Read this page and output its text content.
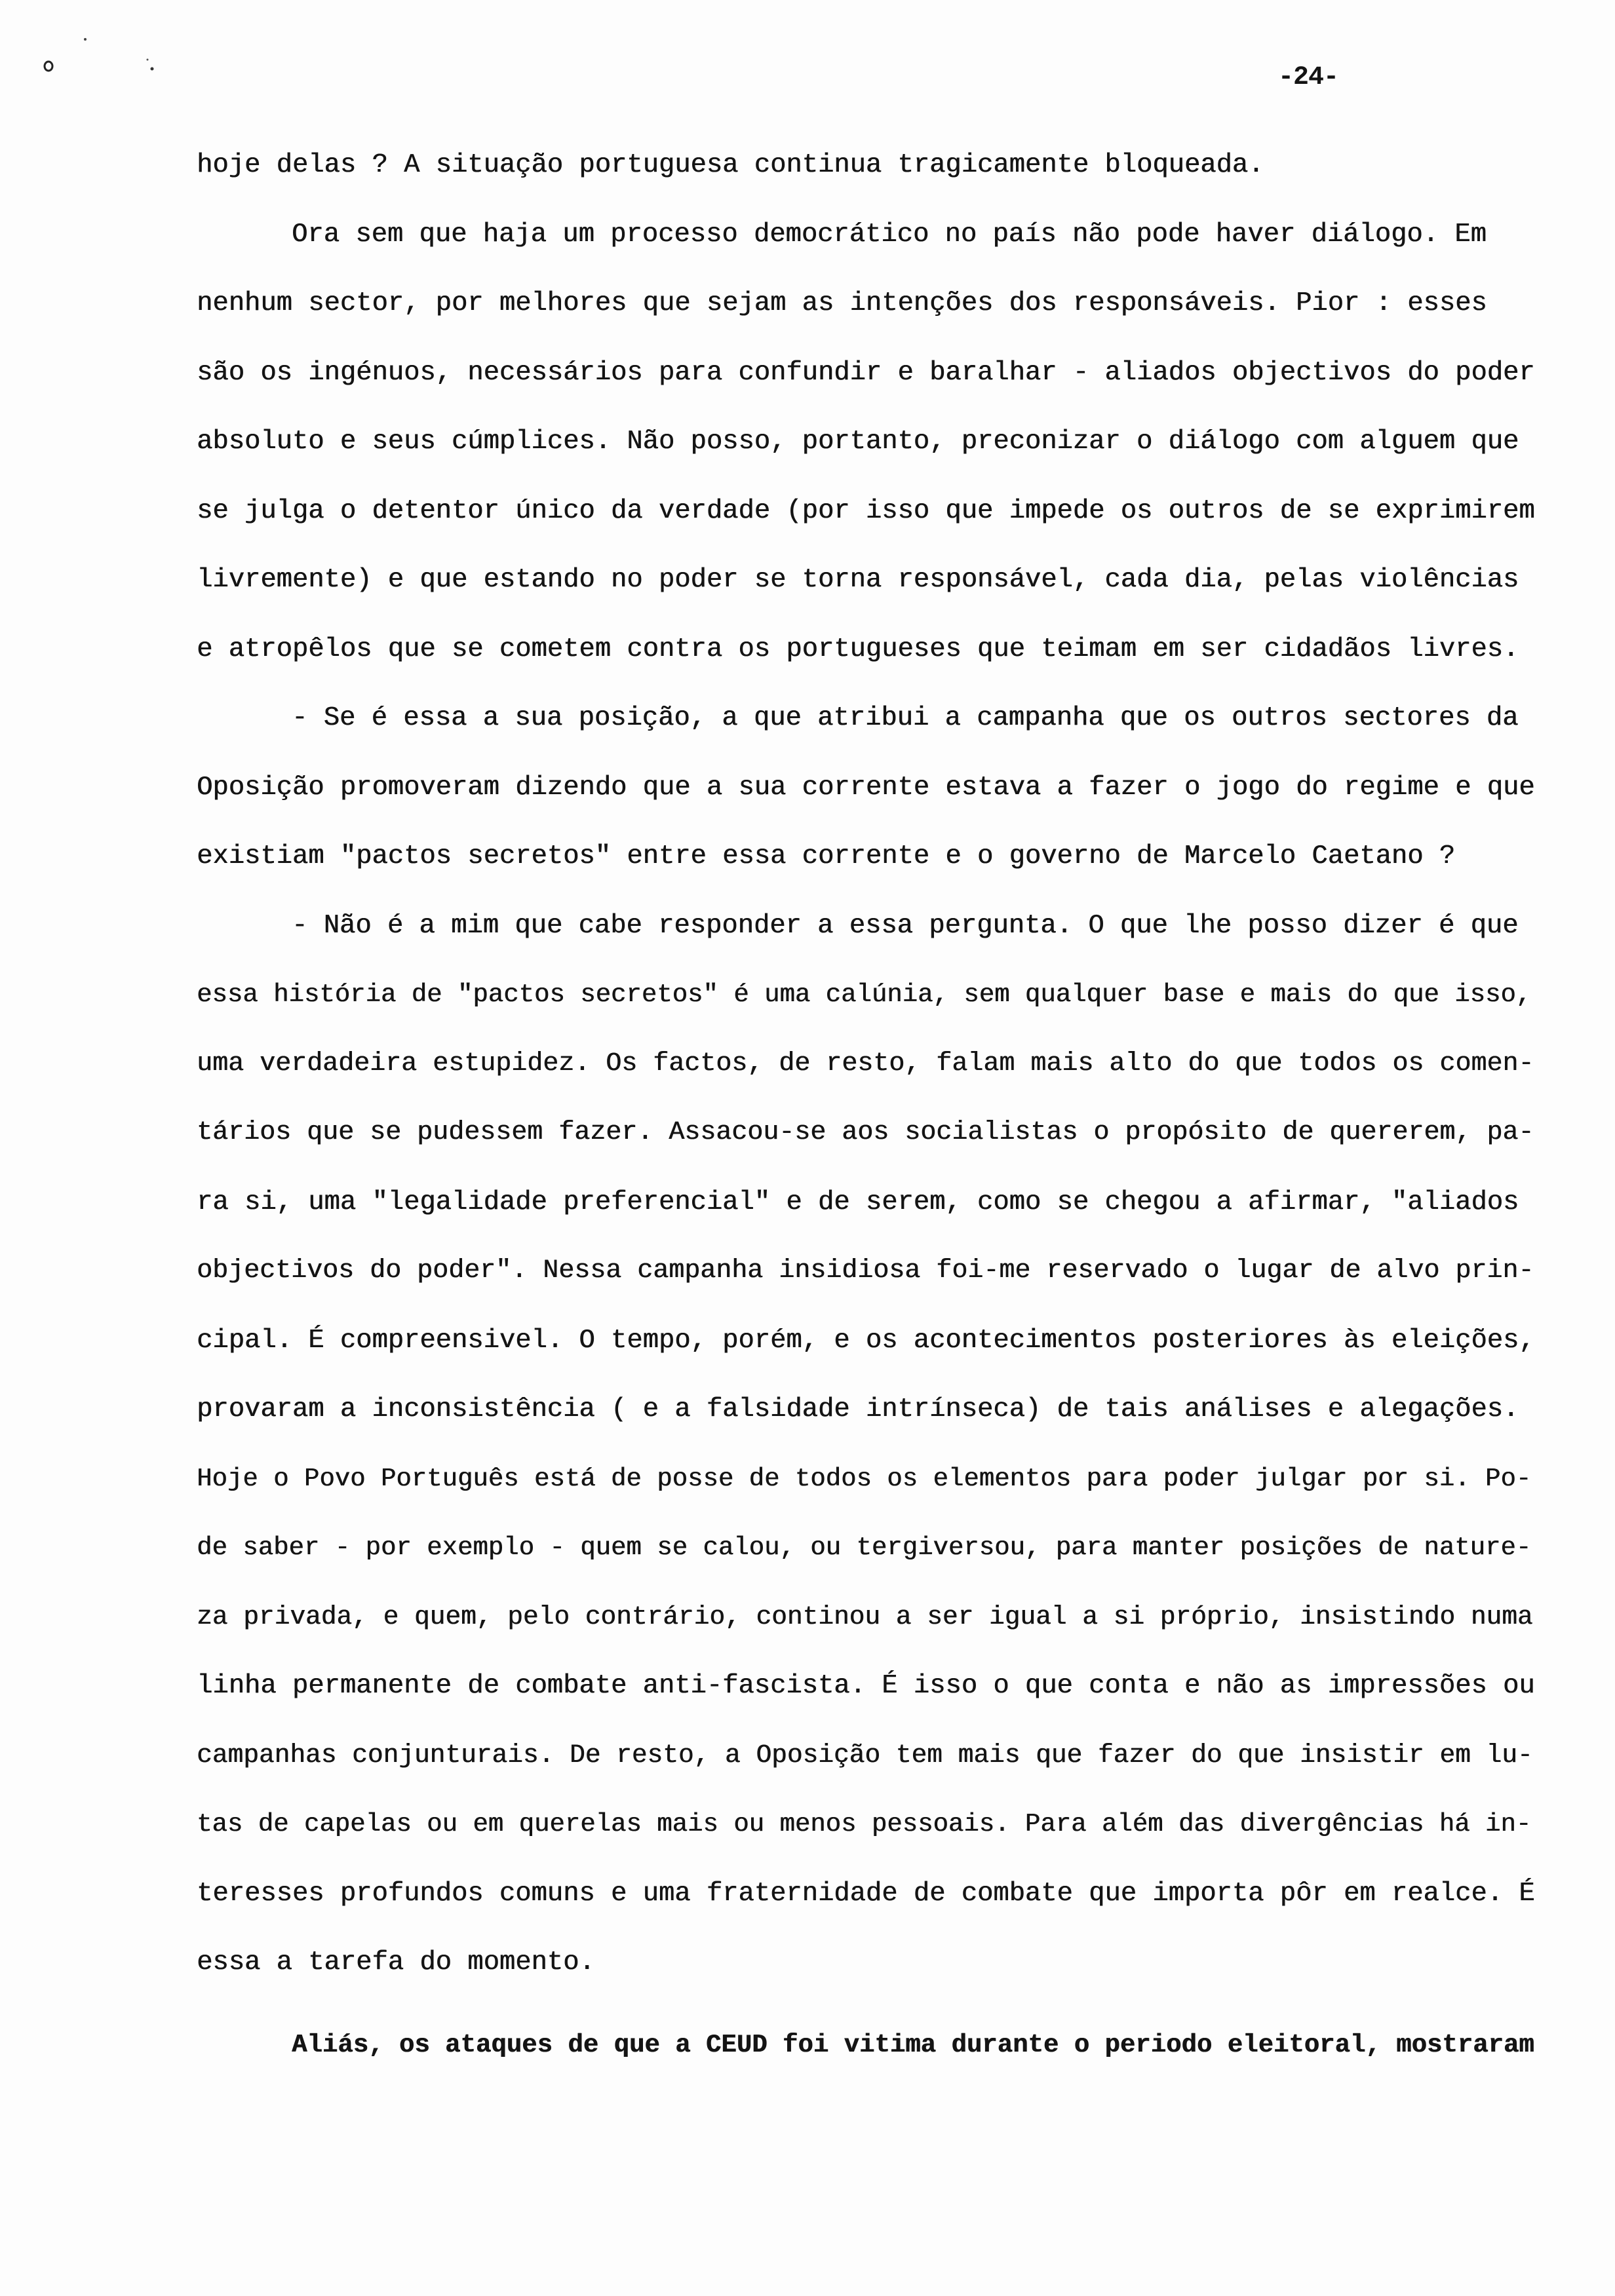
-24-
hoje delas ? A situação portuguesa continua tragicamente bloqueada.
Ora sem que haja um processo democrático no país não pode haver diálogo. Em
nenhum sector, por melhores que sejam as intenções dos responsáveis. Pior : esses
são os ingénuos, necessários para confundir e baralhar - aliados objectivos do poder
absoluto e seus cúmplices. Não posso, portanto, preconizar o diálogo com alguem que
se julga o detentor único da verdade (por isso que impede os outros de se exprimirem
livremente) e que estando no poder se torna responsável, cada dia, pelas violências
e atropêlos que se cometem contra os portugueses que teimam em ser cidadãos livres.
- Se é essa a sua posição, a que atribui a campanha que os outros sectores da
Oposição promoveram dizendo que a sua corrente estava a fazer o jogo do regime e que
existiam "pactos secretos" entre essa corrente e o governo de Marcelo Caetano ?
- Não é a mim que cabe responder a essa pergunta. O que lhe posso dizer é que
essa história de "pactos secretos" é uma calúnia, sem qualquer base e mais do que isso,
uma verdadeira estupidez. Os factos, de resto, falam mais alto do que todos os comen-
tários que se pudessem fazer. Assacou-se aos socialistas o propósito de quererem, pa-
ra si, uma "legalidade preferencial" e de serem, como se chegou a afirmar, "aliados
objectivos do poder". Nessa campanha insidiosa foi-me reservado o lugar de alvo prin-
cipal. É compreensivel. O tempo, porém, e os acontecimentos posteriores às eleições,
provaram a inconsistência ( e a falsidade intrínseca) de tais análises e alegações.
Hoje o Povo Português está de posse de todos os elementos para poder julgar por si. Po-
de saber - por exemplo - quem se calou, ou tergiversou, para manter posições de nature-
za privada, e quem, pelo contrário, continou a ser igual a si próprio, insistindo numa
linha permanente de combate anti-fascista. É isso o que conta e não as impressões ou
campanhas conjunturais. De resto, a Oposição tem mais que fazer do que insistir em lu-
tas de capelas ou em querelas mais ou menos pessoais. Para além das divergências há in-
teresses profundos comuns e uma fraternidade de combate que importa pôr em realce. É
essa a tarefa do momento.
Aliás, os ataques de que a CEUD foi vitima durante o periodo eleitoral, mostraram
